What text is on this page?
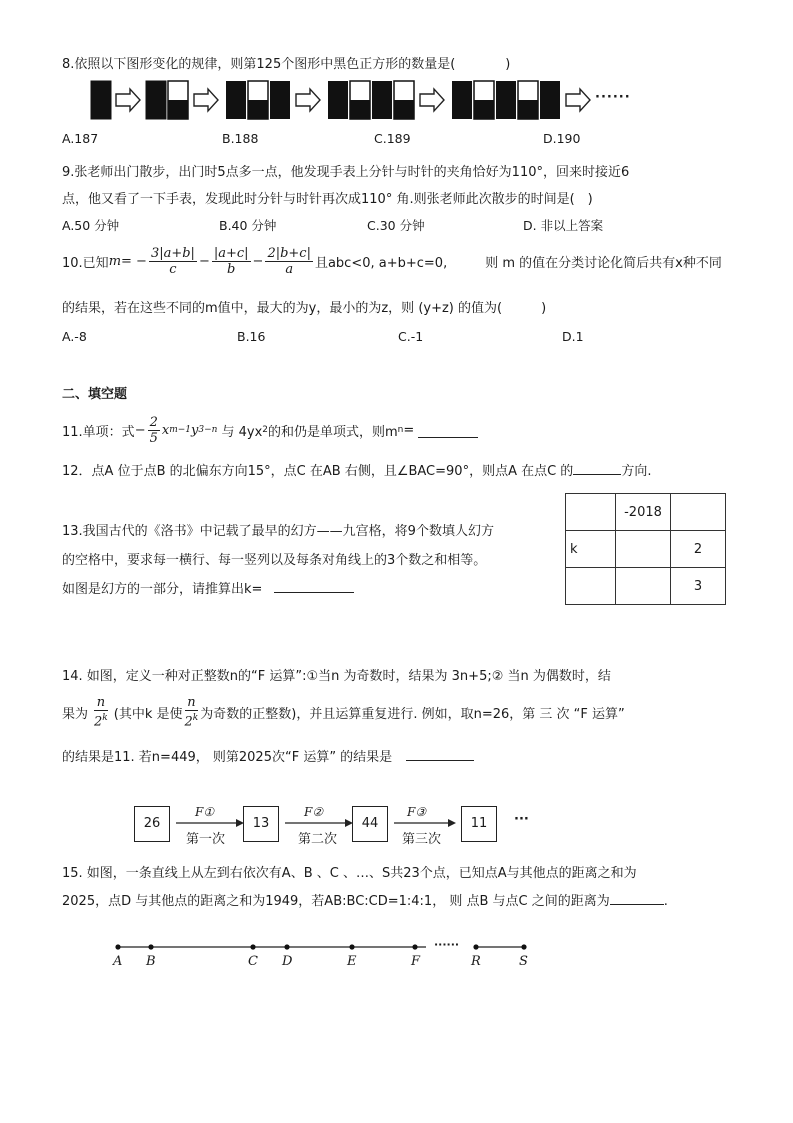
8.依照以下图形变化的规律，则第125个图形中黑色正方形的数量是(	)
······
A.187	B.188	C.189	D.190
9.张老师出门散步，出门时5点多一点，他发现手表上分针与时针的夹角恰好为110°，回来时接近6
点，他又看了一下手表，发现此时分针与时针再次成110° 角.则张老师此次散步的时间是(　)
A.50 分钟	B.40 分钟	C.30 分钟	D. 非以上答案
10.已知 m = − $\frac{3|a+b|}{c} - \frac{|a+c|}{b} - \frac{2|b+c|}{a}$ 且abc<0, a+b+c=0,	则 m 的值在分类讨论化简后共有x种不同
的结果，若在这些不同的m值中，最大的为y，最小的为z，则 (y+z) 的值为(　　　)
A.-8	B.16	C.-1	D.1
二、填空题
11.单项：式 − $\frac{2}{5}$ x m−1 y 3−n 与 4yx 2 的和仍是单项式，则m n =
12．点A 位于点B 的北偏东方向15°，点C 在AB 右侧，且∠BAC=90°，则点A 在点C 的	方向.
13.我国古代的《洛书》中记载了最早的幻方——九宫格，将9个数填人幻方
的空格中，要求每一横行、每一竖列以及每条对角线上的3个数之和相等。
如图是幻方的一部分，请推算出k=
	-2018	
k		2
		3
14. 如图，定义一种对正整数n的“F 运算”:①当n 为奇数时，结果为 3n+5;② 当n 为偶数时，结
果为 $\frac{n}{2^k}$ (其中k 是使 $\frac{n}{2^k}$ 为奇数的正整数)，并且运算重复进行. 例如，取n=26，第 三 次 “F 运算”
的结果是11. 若n=449， 则第2025次“F 运算” 的结果是
26	13	44	11	···
F①	F②	F③
第一次	第二次	第三次
15. 如图，一条直线上从左到右依次有A、B 、C 、…、S共23个点，已知点A与其他点的距离之和为
2025，点D 与其他点的距离之和为1949，若AB:BC:CD=1:4:1， 则 点B 与点C 之间的距离为	.
······
A B	C D	E	F	R	S
